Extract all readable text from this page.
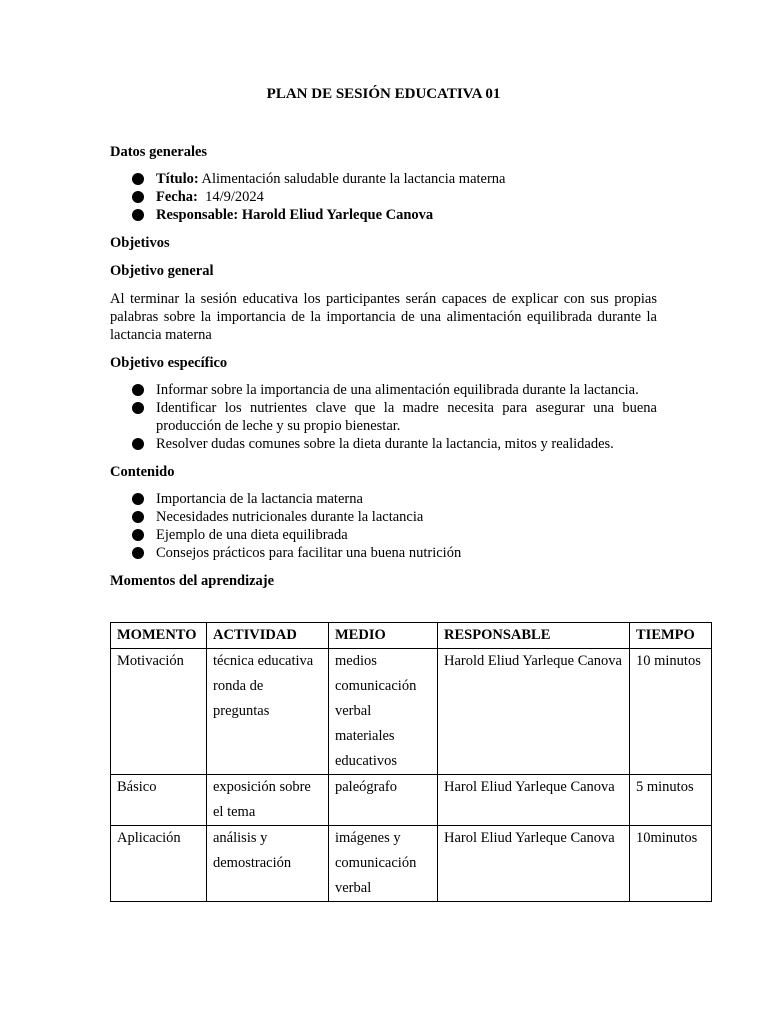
PLAN DE SESIÓN EDUCATIVA 01

Datos generales

Título: Alimentación saludable durante la lactancia materna
Fecha:  14/9/2024
Responsable: Harold Eliud Yarleque Canova

Objetivos

Objetivo general

Al terminar la sesión educativa los participantes serán capaces de explicar con sus propias palabras sobre la importancia de la importancia de una alimentación equilibrada durante la lactancia materna

Objetivo específico

Informar sobre la importancia de una alimentación equilibrada durante la lactancia.
Identificar los nutrientes clave que la madre necesita para asegurar una buena producción de leche y su propio bienestar.
Resolver dudas comunes sobre la dieta durante la lactancia, mitos y realidades.

Contenido

Importancia de la lactancia materna
Necesidades nutricionales durante la lactancia
Ejemplo de una dieta equilibrada
Consejos prácticos para facilitar una buena nutrición

Momentos del aprendizaje

MOMENTO	ACTIVIDAD	MEDIO	RESPONSABLE	TIEMPO
Motivación	técnica educativa ronda de preguntas	medios comunicación verbal materiales educativos	Harold Eliud Yarleque Canova	10 minutos
Básico	exposición sobre el tema	paleógrafo	Harol Eliud Yarleque Canova	5 minutos
Aplicación	análisis y demostración	imágenes y comunicación verbal	Harol Eliud Yarleque Canova	10minutos
